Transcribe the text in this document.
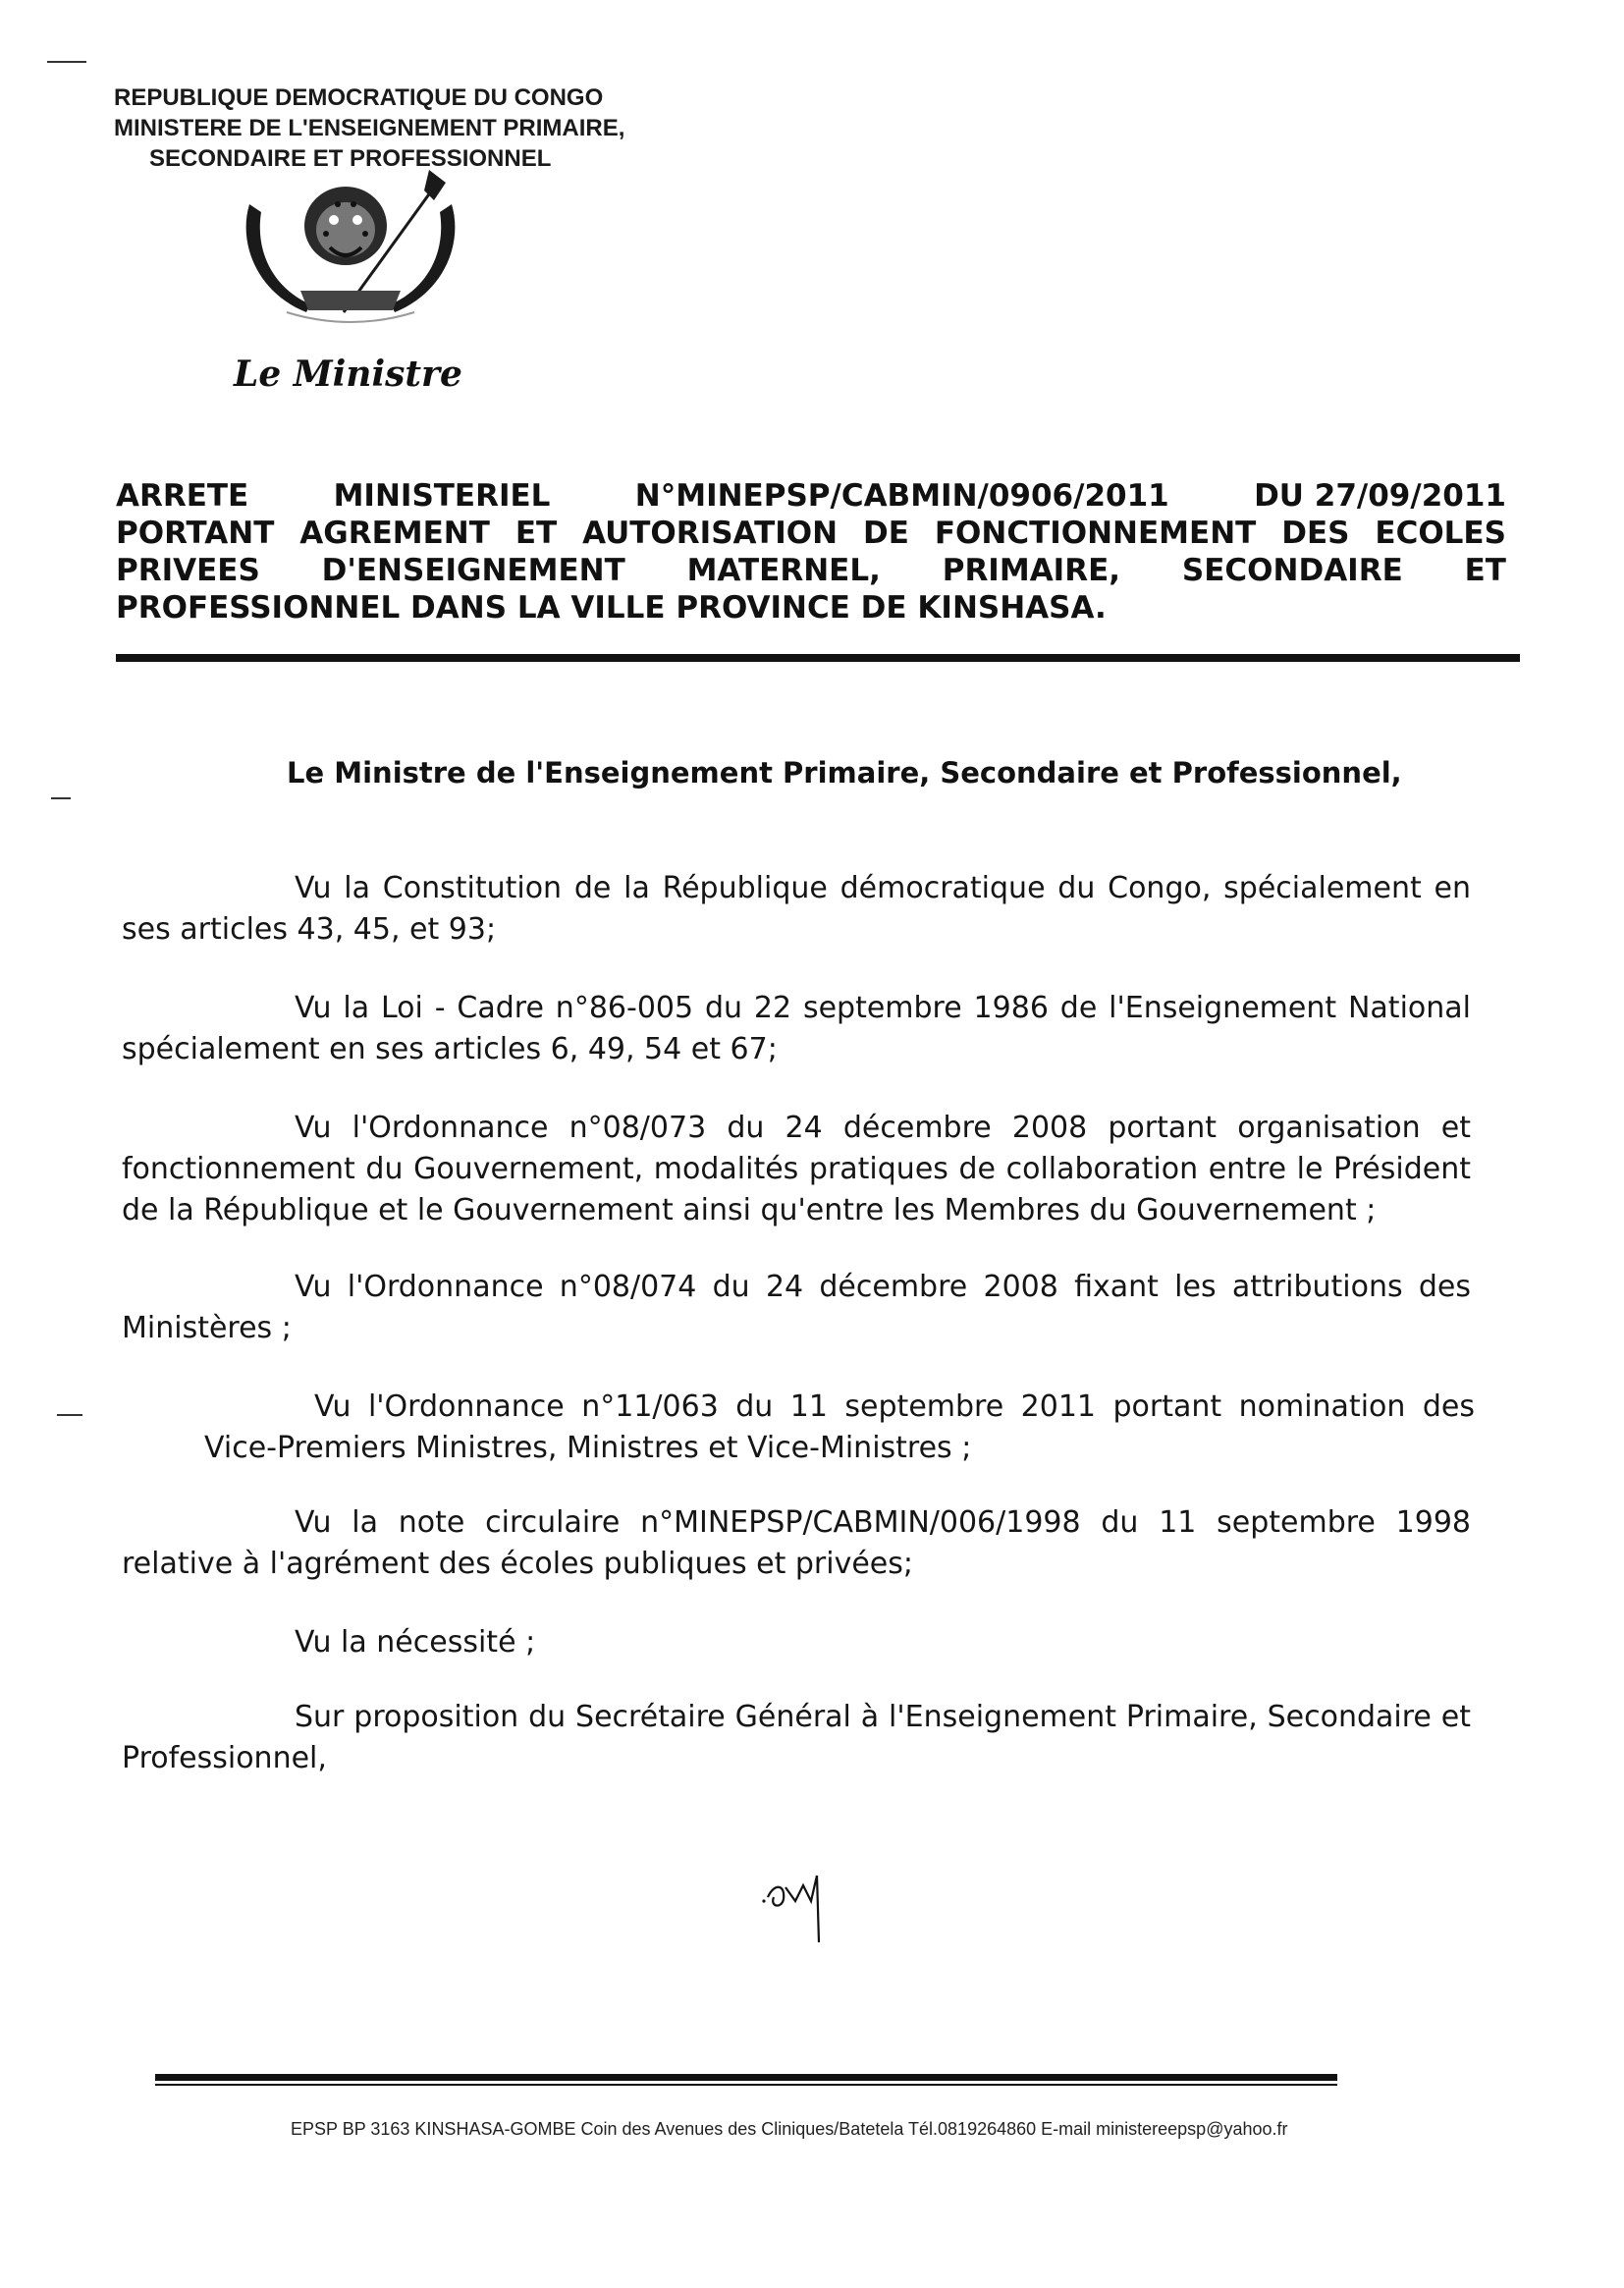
REPUBLIQUE DEMOCRATIQUE DU CONGO
MINISTERE DE L'ENSEIGNEMENT PRIMAIRE,
SECONDAIRE ET PROFESSIONNEL
Le Ministre
ARRETE	MINISTERIEL	N°MINEPSP/CABMIN/0906/2011	DU 27/09/2011
PORTANT AGREMENT ET AUTORISATION DE FONCTIONNEMENT DES ECOLES
PRIVEES D'ENSEIGNEMENT MATERNEL, PRIMAIRE, SECONDAIRE ET
PROFESSIONNEL DANS LA VILLE PROVINCE DE KINSHASA.
Le Ministre de l'Enseignement Primaire, Secondaire et Professionnel,
Vu la Constitution de la République démocratique du Congo, spécialement en ses articles 43, 45, et 93;
Vu la Loi - Cadre n°86-005 du 22 septembre 1986 de l'Enseignement National spécialement en ses articles 6, 49, 54 et 67;
Vu l'Ordonnance n°08/073 du 24 décembre 2008 portant organisation et fonctionnement du Gouvernement, modalités pratiques de collaboration entre le Président de la République et le Gouvernement ainsi qu'entre les Membres du Gouvernement ;
Vu l'Ordonnance n°08/074 du 24 décembre 2008 fixant les attributions des Ministères ;
Vu l'Ordonnance n°11/063 du 11 septembre 2011 portant nomination des Vice-Premiers Ministres, Ministres et Vice-Ministres ;
Vu la note circulaire n°MINEPSP/CABMIN/006/1998 du 11 septembre 1998 relative à l'agrément des écoles publiques et privées;
Vu la nécessité ;
Sur proposition du Secrétaire Général à l'Enseignement Primaire, Secondaire et Professionnel,
EPSP BP 3163 KINSHASA-GOMBE Coin des Avenues des Cliniques/Batetela Tél.0819264860 E-mail ministereepsp@yahoo.fr
